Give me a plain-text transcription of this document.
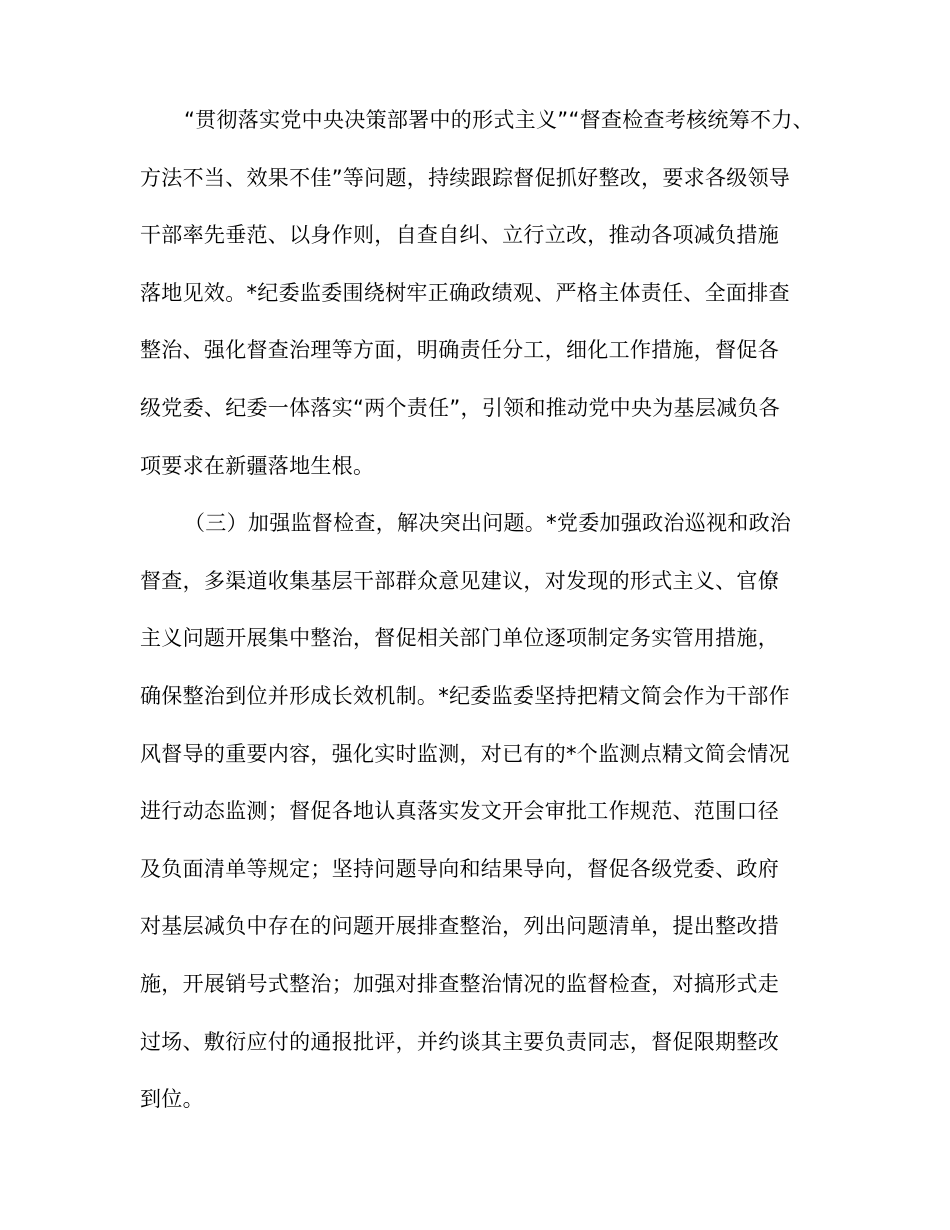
“贯彻落实党中央决策部署中的形式主义”“督查检查考核统筹不力、
方法不当、效果不佳”等问题，持续跟踪督促抓好整改，要求各级领导
干部率先垂范、以身作则，自查自纠、立行立改，推动各项减负措施
落地见效。*纪委监委围绕树牢正确政绩观、严格主体责任、全面排查
整治、强化督查治理等方面，明确责任分工，细化工作措施，督促各
级党委、纪委一体落实“两个责任”，引领和推动党中央为基层减负各
项要求在新疆落地生根。
（三）加强监督检查，解决突出问题。*党委加强政治巡视和政治
督查，多渠道收集基层干部群众意见建议，对发现的形式主义、官僚
主义问题开展集中整治，督促相关部门单位逐项制定务实管用措施，
确保整治到位并形成长效机制。*纪委监委坚持把精文简会作为干部作
风督导的重要内容，强化实时监测，对已有的*个监测点精文简会情况
进行动态监测；督促各地认真落实发文开会审批工作规范、范围口径
及负面清单等规定；坚持问题导向和结果导向，督促各级党委、政府
对基层减负中存在的问题开展排查整治，列出问题清单，提出整改措
施，开展销号式整治；加强对排查整治情况的监督检查，对搞形式走
过场、敷衍应付的通报批评，并约谈其主要负责同志，督促限期整改
到位。
